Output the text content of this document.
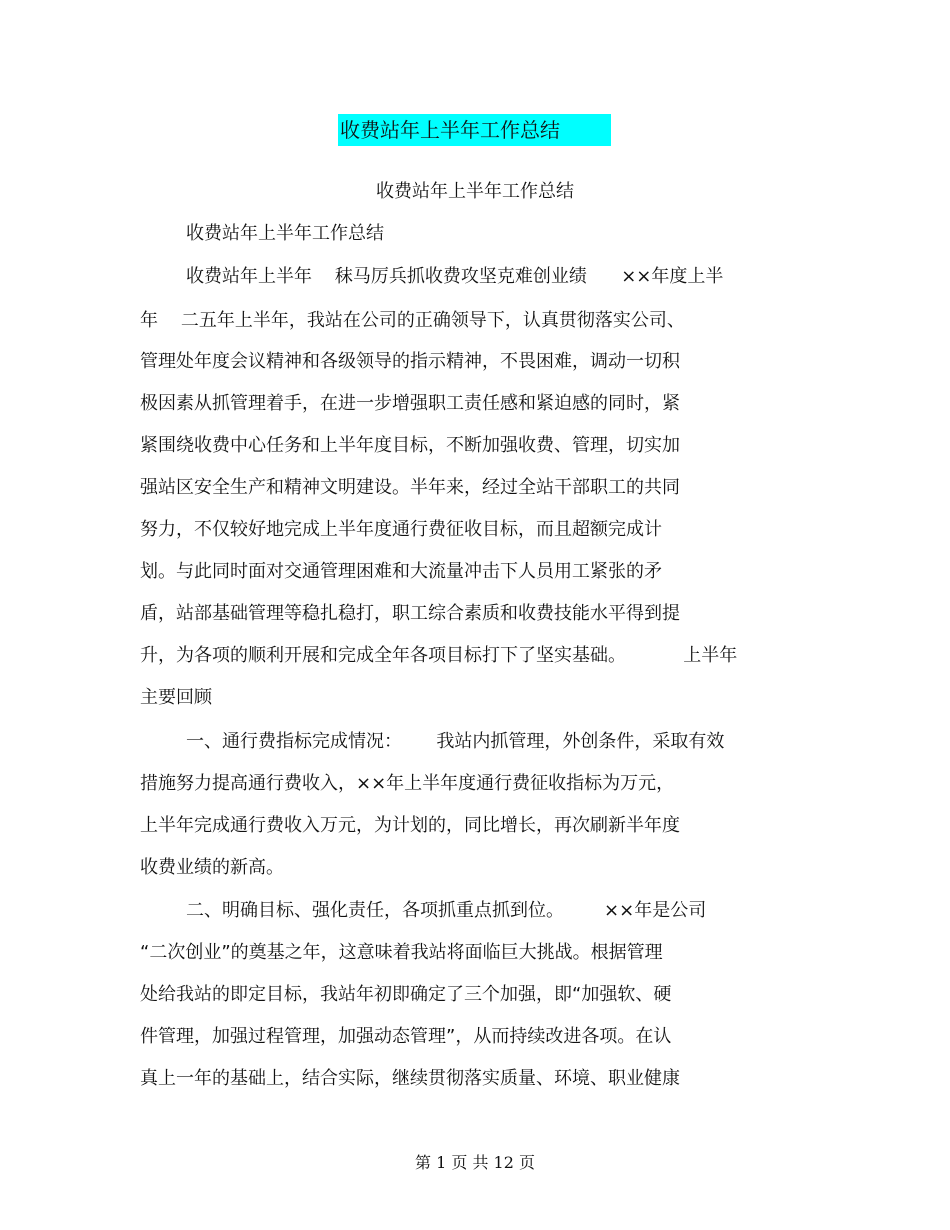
收费站年上半年工作总结
收费站年上半年工作总结
收费站年上半年工作总结
收费站年上半年    秣马厉兵抓收费攻坚克难创业绩      ××年度上半
年    二五年上半年，我站在公司的正确领导下，认真贯彻落实公司、
管理处年度会议精神和各级领导的指示精神，不畏困难，调动一切积
极因素从抓管理着手，在进一步增强职工责任感和紧迫感的同时，紧
紧围绕收费中心任务和上半年度目标，不断加强收费、管理，切实加
强站区安全生产和精神文明建设。半年来，经过全站干部职工的共同
努力，不仅较好地完成上半年度通行费征收目标，而且超额完成计
划。与此同时面对交通管理困难和大流量冲击下人员用工紧张的矛
盾，站部基础管理等稳扎稳打，职工综合素质和收费技能水平得到提
升，为各项的顺利开展和完成全年各项目标打下了坚实基础。          上半年
主要回顾
一、通行费指标完成情况：      我站内抓管理，外创条件，采取有效
措施努力提高通行费收入，××年上半年度通行费征收指标为万元，
上半年完成通行费收入万元，为计划的，同比增长，再次刷新半年度
收费业绩的新高。
二、明确目标、强化责任，各项抓重点抓到位。       ××年是公司
“二次创业”的奠基之年，这意味着我站将面临巨大挑战。根据管理
处给我站的即定目标，我站年初即确定了三个加强，即“加强软、硬
件管理，加强过程管理，加强动态管理”，从而持续改进各项。在认
真上一年的基础上，结合实际，继续贯彻落实质量、环境、职业健康
第 1 页 共 12 页
